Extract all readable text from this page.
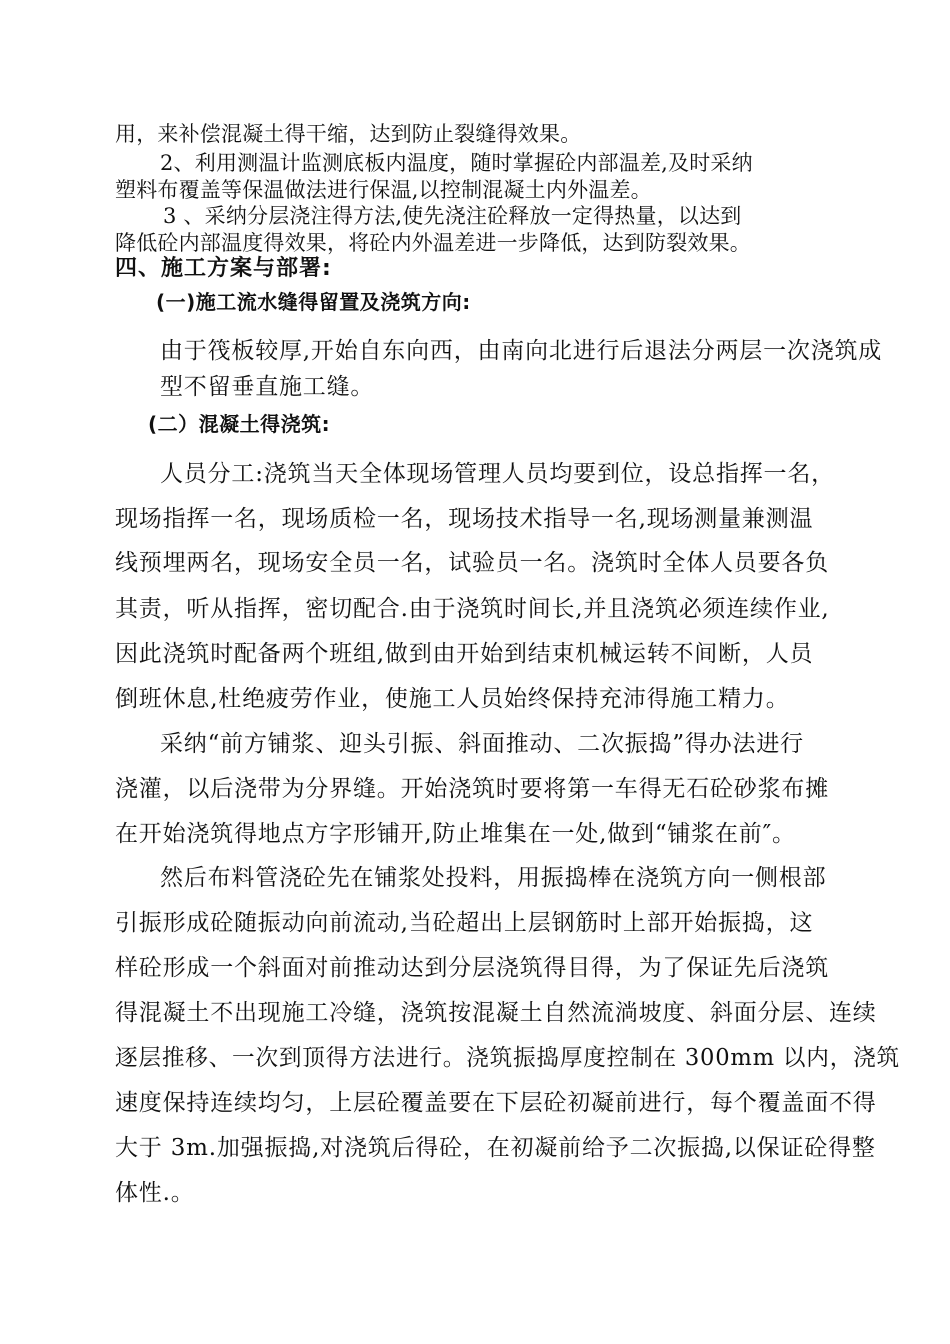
用，来补偿混凝土得干缩，达到防止裂缝得效果。
2、利用测温计监测底板内温度，随时掌握砼内部温差,及时采纳
塑料布覆盖等保温做法进行保温,以控制混凝土内外温差。
3 、采纳分层浇注得方法,使先浇注砼释放一定得热量，以达到
降低砼内部温度得效果，将砼内外温差进一步降低，达到防裂效果。
四、施工方案与部署:
(一)施工流水缝得留置及浇筑方向:
由于筏板较厚,开始自东向西，由南向北进行后退法分两层一次浇筑成
型不留垂直施工缝。
(二）混凝土得浇筑:
人员分工:浇筑当天全体现场管理人员均要到位，设总指挥一名，
现场指挥一名，现场质检一名，现场技术指导一名,现场测量兼测温
线预埋两名，现场安全员一名，试验员一名。浇筑时全体人员要各负
其责，听从指挥，密切配合.由于浇筑时间长,并且浇筑必须连续作业,
因此浇筑时配备两个班组,做到由开始到结束机械运转不间断，人员
倒班休息,杜绝疲劳作业，使施工人员始终保持充沛得施工精力。
采纳“前方铺浆、迎头引振、斜面推动、二次振捣”得办法进行
浇灌，以后浇带为分界缝。开始浇筑时要将第一车得无石砼砂浆布摊
在开始浇筑得地点方字形铺开,防止堆集在一处,做到“铺浆在前″。
然后布料管浇砼先在铺浆处投料，用振捣棒在浇筑方向一侧根部
引振形成砼随振动向前流动,当砼超出上层钢筋时上部开始振捣，这
样砼形成一个斜面对前推动达到分层浇筑得目得，为了保证先后浇筑
得混凝土不出现施工冷缝，浇筑按混凝土自然流淌坡度、斜面分层、连续
逐层推移、一次到顶得方法进行。浇筑振捣厚度控制在 300mm 以内，浇筑
速度保持连续均匀，上层砼覆盖要在下层砼初凝前进行，每个覆盖面不得
大于 3m.加强振捣,对浇筑后得砼，在初凝前给予二次振捣,以保证砼得整
体性.。
